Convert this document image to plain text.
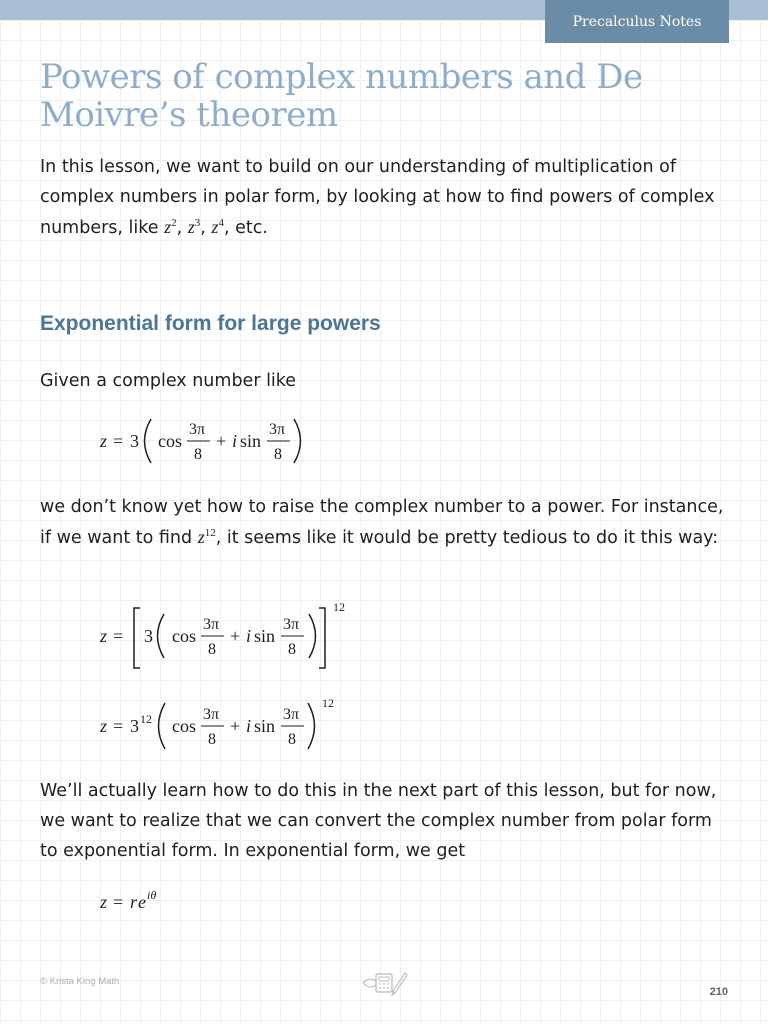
Precalculus Notes
Powers of complex numbers and De Moivre’s theorem

In this lesson, we want to build on our understanding of multiplication of complex numbers in polar form, by looking at how to find powers of complex numbers, like $z^2$, $z^3$, $z^4$, etc.

Exponential form for large powers

Given a complex number like

z = 3 cos
3π
8
+ i sin
3π
8

we don’t know yet how to raise the complex number to a power. For instance, if we want to find $z^{12}$, it seems like it would be pretty tedious to do it this way:

z = 3 cos
3π
8
+ i sin
3π
8
12
z = 3 12 cos
3π
8
+ i sin
3π
8
12

We’ll actually learn how to do this in the next part of this lesson, but for now, we want to realize that we can convert the complex number from polar form to exponential form. In exponential form, we get

z = r e iθ
© Krista King Math
210
